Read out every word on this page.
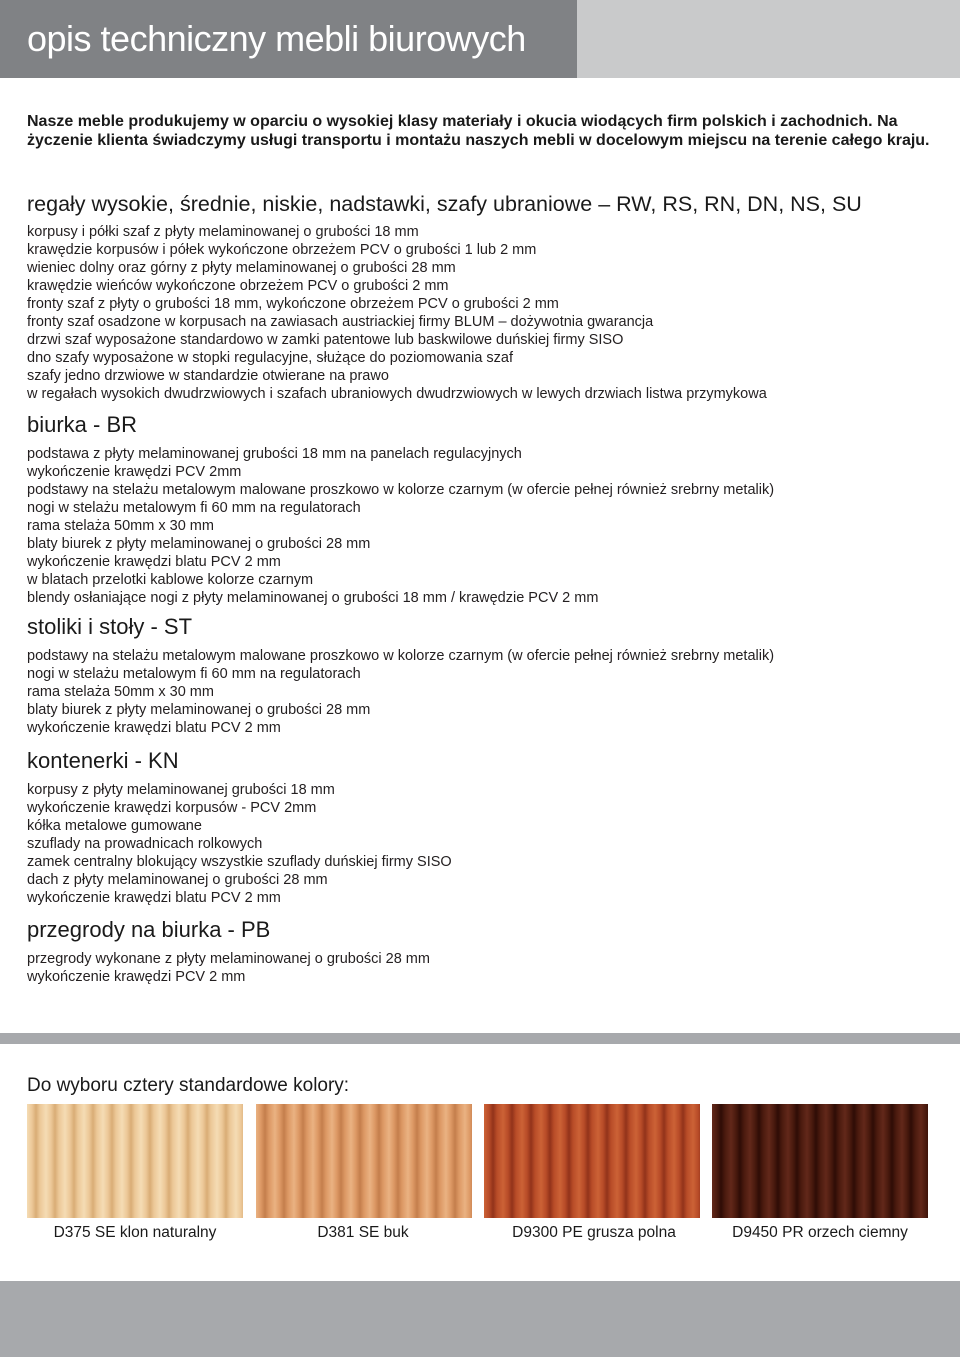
opis techniczny mebli biurowych

Nasze meble produkujemy w oparciu o wysokiej klasy materiały i okucia wiodących firm polskich i zachodnich. Na życzenie klienta świadczymy usługi transportu i montażu naszych mebli w docelowym miejscu na terenie całego kraju.

regały wysokie, średnie, niskie, nadstawki, szafy ubraniowe – RW, RS, RN, DN, NS, SU
korpusy i półki szaf z płyty melaminowanej o grubości 18 mm
krawędzie korpusów i półek wykończone obrzeżem PCV o grubości 1 lub 2 mm
wieniec dolny oraz górny z płyty melaminowanej o grubości 28 mm
krawędzie wieńców wykończone obrzeżem PCV o grubości 2 mm
fronty szaf z płyty o grubości 18 mm, wykończone obrzeżem PCV o grubości 2 mm
fronty szaf osadzone w korpusach na zawiasach austriackiej firmy BLUM – dożywotnia gwarancja
drzwi szaf wyposażone standardowo w zamki patentowe lub baskwilowe duńskiej firmy SISO
dno szafy wyposażone w stopki regulacyjne, służące do poziomowania szaf
szafy jedno drzwiowe w standardzie otwierane na prawo
w regałach wysokich dwudrzwiowych i szafach ubraniowych dwudrzwiowych w lewych drzwiach listwa przymykowa
biurka - BR
podstawa z płyty melaminowanej grubości 18 mm na panelach regulacyjnych
wykończenie krawędzi PCV 2mm
podstawy na stelażu metalowym malowane proszkowo w kolorze czarnym (w ofercie pełnej również srebrny metalik)
nogi w stelażu metalowym fi 60 mm na regulatorach
rama stelaża 50mm x 30 mm
blaty biurek z płyty melaminowanej o grubości 28 mm
wykończenie krawędzi blatu PCV 2 mm
w blatach przelotki kablowe kolorze czarnym
blendy osłaniające nogi z płyty melaminowanej o grubości 18 mm / krawędzie PCV 2 mm
stoliki i stoły - ST
podstawy na stelażu metalowym malowane proszkowo w kolorze czarnym (w ofercie pełnej również srebrny metalik)
nogi w stelażu metalowym fi 60 mm na regulatorach
rama stelaża 50mm x 30 mm
blaty biurek z płyty melaminowanej o grubości 28 mm
wykończenie krawędzi blatu PCV 2 mm
kontenerki - KN
korpusy z płyty melaminowanej grubości 18 mm
wykończenie krawędzi korpusów - PCV 2mm
kółka metalowe gumowane
szuflady na prowadnicach rolkowych
zamek centralny blokujący wszystkie szuflady duńskiej firmy SISO
dach z płyty melaminowanej o grubości 28 mm
wykończenie krawędzi blatu PCV 2 mm
przegrody na biurka - PB
przegrody wykonane z płyty melaminowanej o grubości 28 mm
wykończenie krawędzi PCV 2 mm
Do wyboru cztery standardowe kolory:
D375 SE klon naturalny	D381 SE buk	D9300 PE grusza polna	D9450 PR orzech ciemny
